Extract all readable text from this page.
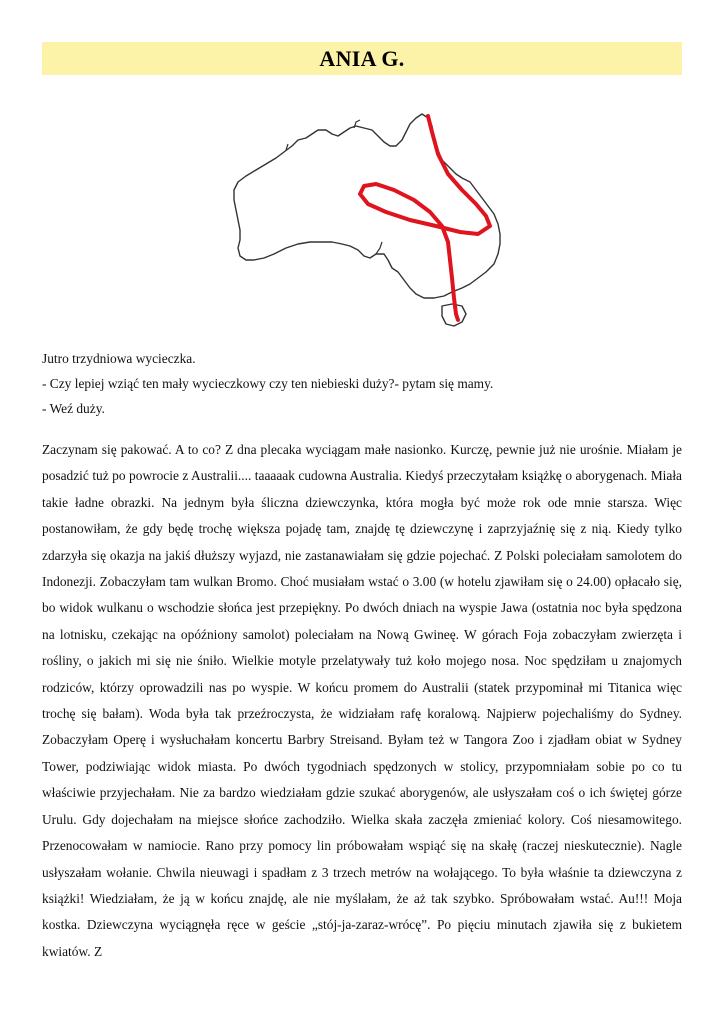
ANIA G.

Jutro trzydniowa wycieczka.

- Czy lepiej wziąć ten mały wycieczkowy czy ten niebieski duży?- pytam się mamy.

- Weź duży.

Zaczynam się pakować. A to co? Z dna plecaka wyciągam małe nasionko. Kurczę, pewnie już nie urośnie. Miałam je posadzić tuż po powrocie z Australii.... taaaaak cudowna Australia. Kiedyś przeczytałam książkę o aborygenach. Miała takie ładne obrazki. Na jednym była śliczna dziewczynka, która mogła być może rok ode mnie starsza. Więc postanowiłam, że gdy będę trochę większa pojadę tam, znajdę tę dziewczynę i zaprzyjaźnię się z nią. Kiedy tylko zdarzyła się okazja na jakiś dłuższy wyjazd, nie zastanawiałam się gdzie pojechać. Z Polski poleciałam samolotem do Indonezji. Zobaczyłam tam wulkan Bromo. Choć musiałam wstać o 3.00 (w hotelu zjawiłam się o 24.00) opłacało się, bo widok wulkanu o wschodzie słońca jest przepiękny. Po dwóch dniach na wyspie Jawa (ostatnia noc była spędzona na lotnisku, czekając na opóźniony samolot) poleciałam na Nową Gwineę. W górach Foja zobaczyłam zwierzęta i rośliny, o jakich mi się nie śniło. Wielkie motyle przelatywały tuż koło mojego nosa. Noc spędziłam u znajomych rodziców, którzy oprowadzili nas po wyspie. W końcu promem do Australii (statek przypominał mi Titanica więc trochę się bałam). Woda była tak przeźroczysta, że widziałam rafę koralową. Najpierw pojechaliśmy do Sydney. Zobaczyłam Operę i wysłuchałam koncertu Barbry Streisand. Byłam też w Tangora Zoo i zjadłam obiat w Sydney Tower, podziwiając widok miasta. Po dwóch tygodniach spędzonych w stolicy, przypomniałam sobie po co tu właściwie przyjechałam. Nie za bardzo wiedziałam gdzie szukać aborygenów, ale usłyszałam coś o ich świętej górze Urulu. Gdy dojechałam na miejsce słońce zachodziło. Wielka skała zaczęła zmieniać kolory. Coś niesamowitego. Przenocowałam w namiocie. Rano przy pomocy lin próbowałam wspiąć się na skałę (raczej nieskutecznie). Nagle usłyszałam wołanie. Chwila nieuwagi i spadłam z 3 trzech metrów na wołającego. To była właśnie ta dziewczyna z książki! Wiedziałam, że ją w końcu znajdę, ale nie myślałam, że aż tak szybko. Spróbowałam wstać. Au!!! Moja kostka. Dziewczyna wyciągnęła ręce w geście „stój-ja-zaraz-wrócę”. Po pięciu minutach zjawiła się z bukietem kwiatów. Z
